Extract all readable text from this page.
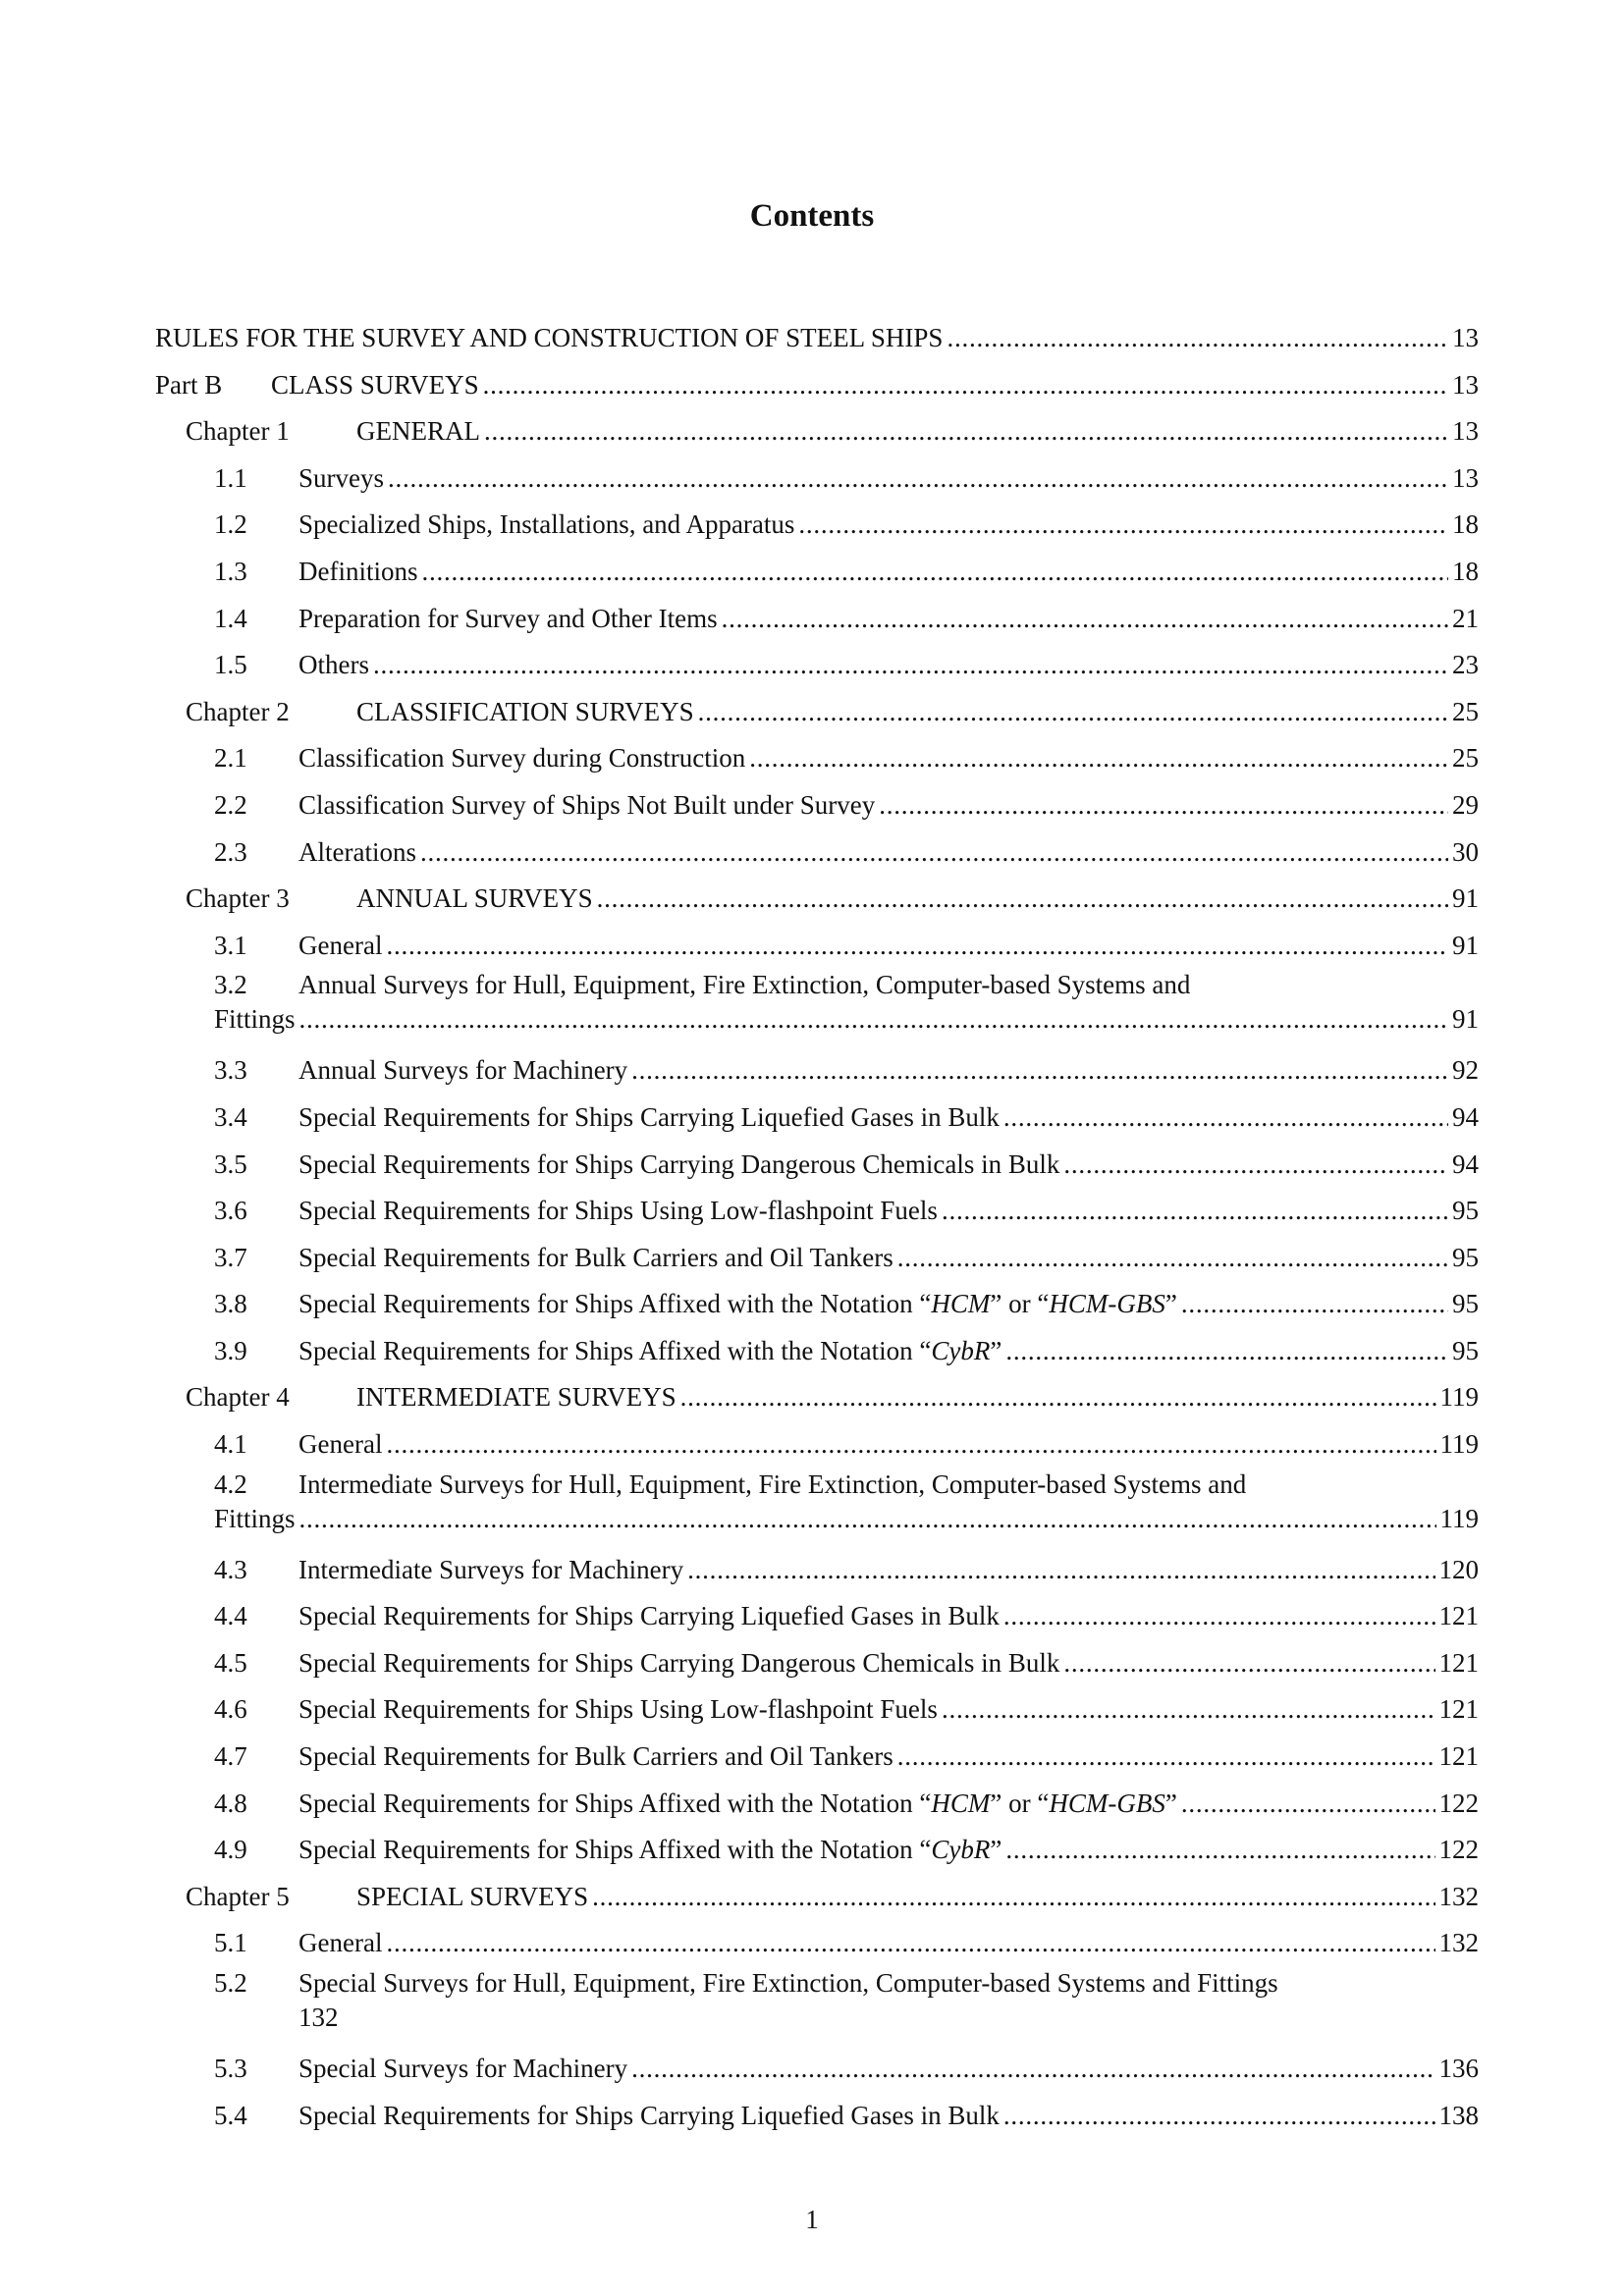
Contents
RULES FOR THE SURVEY AND CONSTRUCTION OF STEEL SHIPS . . .	13
Part B	CLASS SURVEYS . . .	13
Chapter 1	GENERAL . . .	13
1.1	Surveys . . .	13
1.2	Specialized Ships, Installations, and Apparatus . . .	18
1.3	Definitions . . .	18
1.4	Preparation for Survey and Other Items . . .	21
1.5	Others . . .	23
Chapter 2	CLASSIFICATION SURVEYS . . .	25
2.1	Classification Survey during Construction . . .	25
2.2	Classification Survey of Ships Not Built under Survey . . .	29
2.3	Alterations . . .	30
Chapter 3	ANNUAL SURVEYS . . .	91
3.1	General . . .	91
3.2	Annual Surveys for Hull, Equipment, Fire Extinction, Computer-based Systems and
Fittings . . .	91
3.3	Annual Surveys for Machinery . . .	92
3.4	Special Requirements for Ships Carrying Liquefied Gases in Bulk . . .	94
3.5	Special Requirements for Ships Carrying Dangerous Chemicals in Bulk . . .	94
3.6	Special Requirements for Ships Using Low-flashpoint Fuels . . .	95
3.7	Special Requirements for Bulk Carriers and Oil Tankers . . .	95
3.8	Special Requirements for Ships Affixed with the Notation “HCM” or “HCM-GBS” . . .	95
3.9	Special Requirements for Ships Affixed with the Notation “CybR” . . .	95
Chapter 4	INTERMEDIATE SURVEYS . . .	119
4.1	General . . .	119
4.2	Intermediate Surveys for Hull, Equipment, Fire Extinction, Computer-based Systems and
Fittings . . .	119
4.3	Intermediate Surveys for Machinery . . .	120
4.4	Special Requirements for Ships Carrying Liquefied Gases in Bulk . . .	121
4.5	Special Requirements for Ships Carrying Dangerous Chemicals in Bulk . . .	121
4.6	Special Requirements for Ships Using Low-flashpoint Fuels . . .	121
4.7	Special Requirements for Bulk Carriers and Oil Tankers . . .	121
4.8	Special Requirements for Ships Affixed with the Notation “HCM” or “HCM-GBS” . . .	122
4.9	Special Requirements for Ships Affixed with the Notation “CybR” . . .	122
Chapter 5	SPECIAL SURVEYS . . .	132
5.1	General . . .	132
5.2	Special Surveys for Hull, Equipment, Fire Extinction, Computer-based Systems and Fittings
132
5.3	Special Surveys for Machinery . . .	136
5.4	Special Requirements for Ships Carrying Liquefied Gases in Bulk . . .	138
1
